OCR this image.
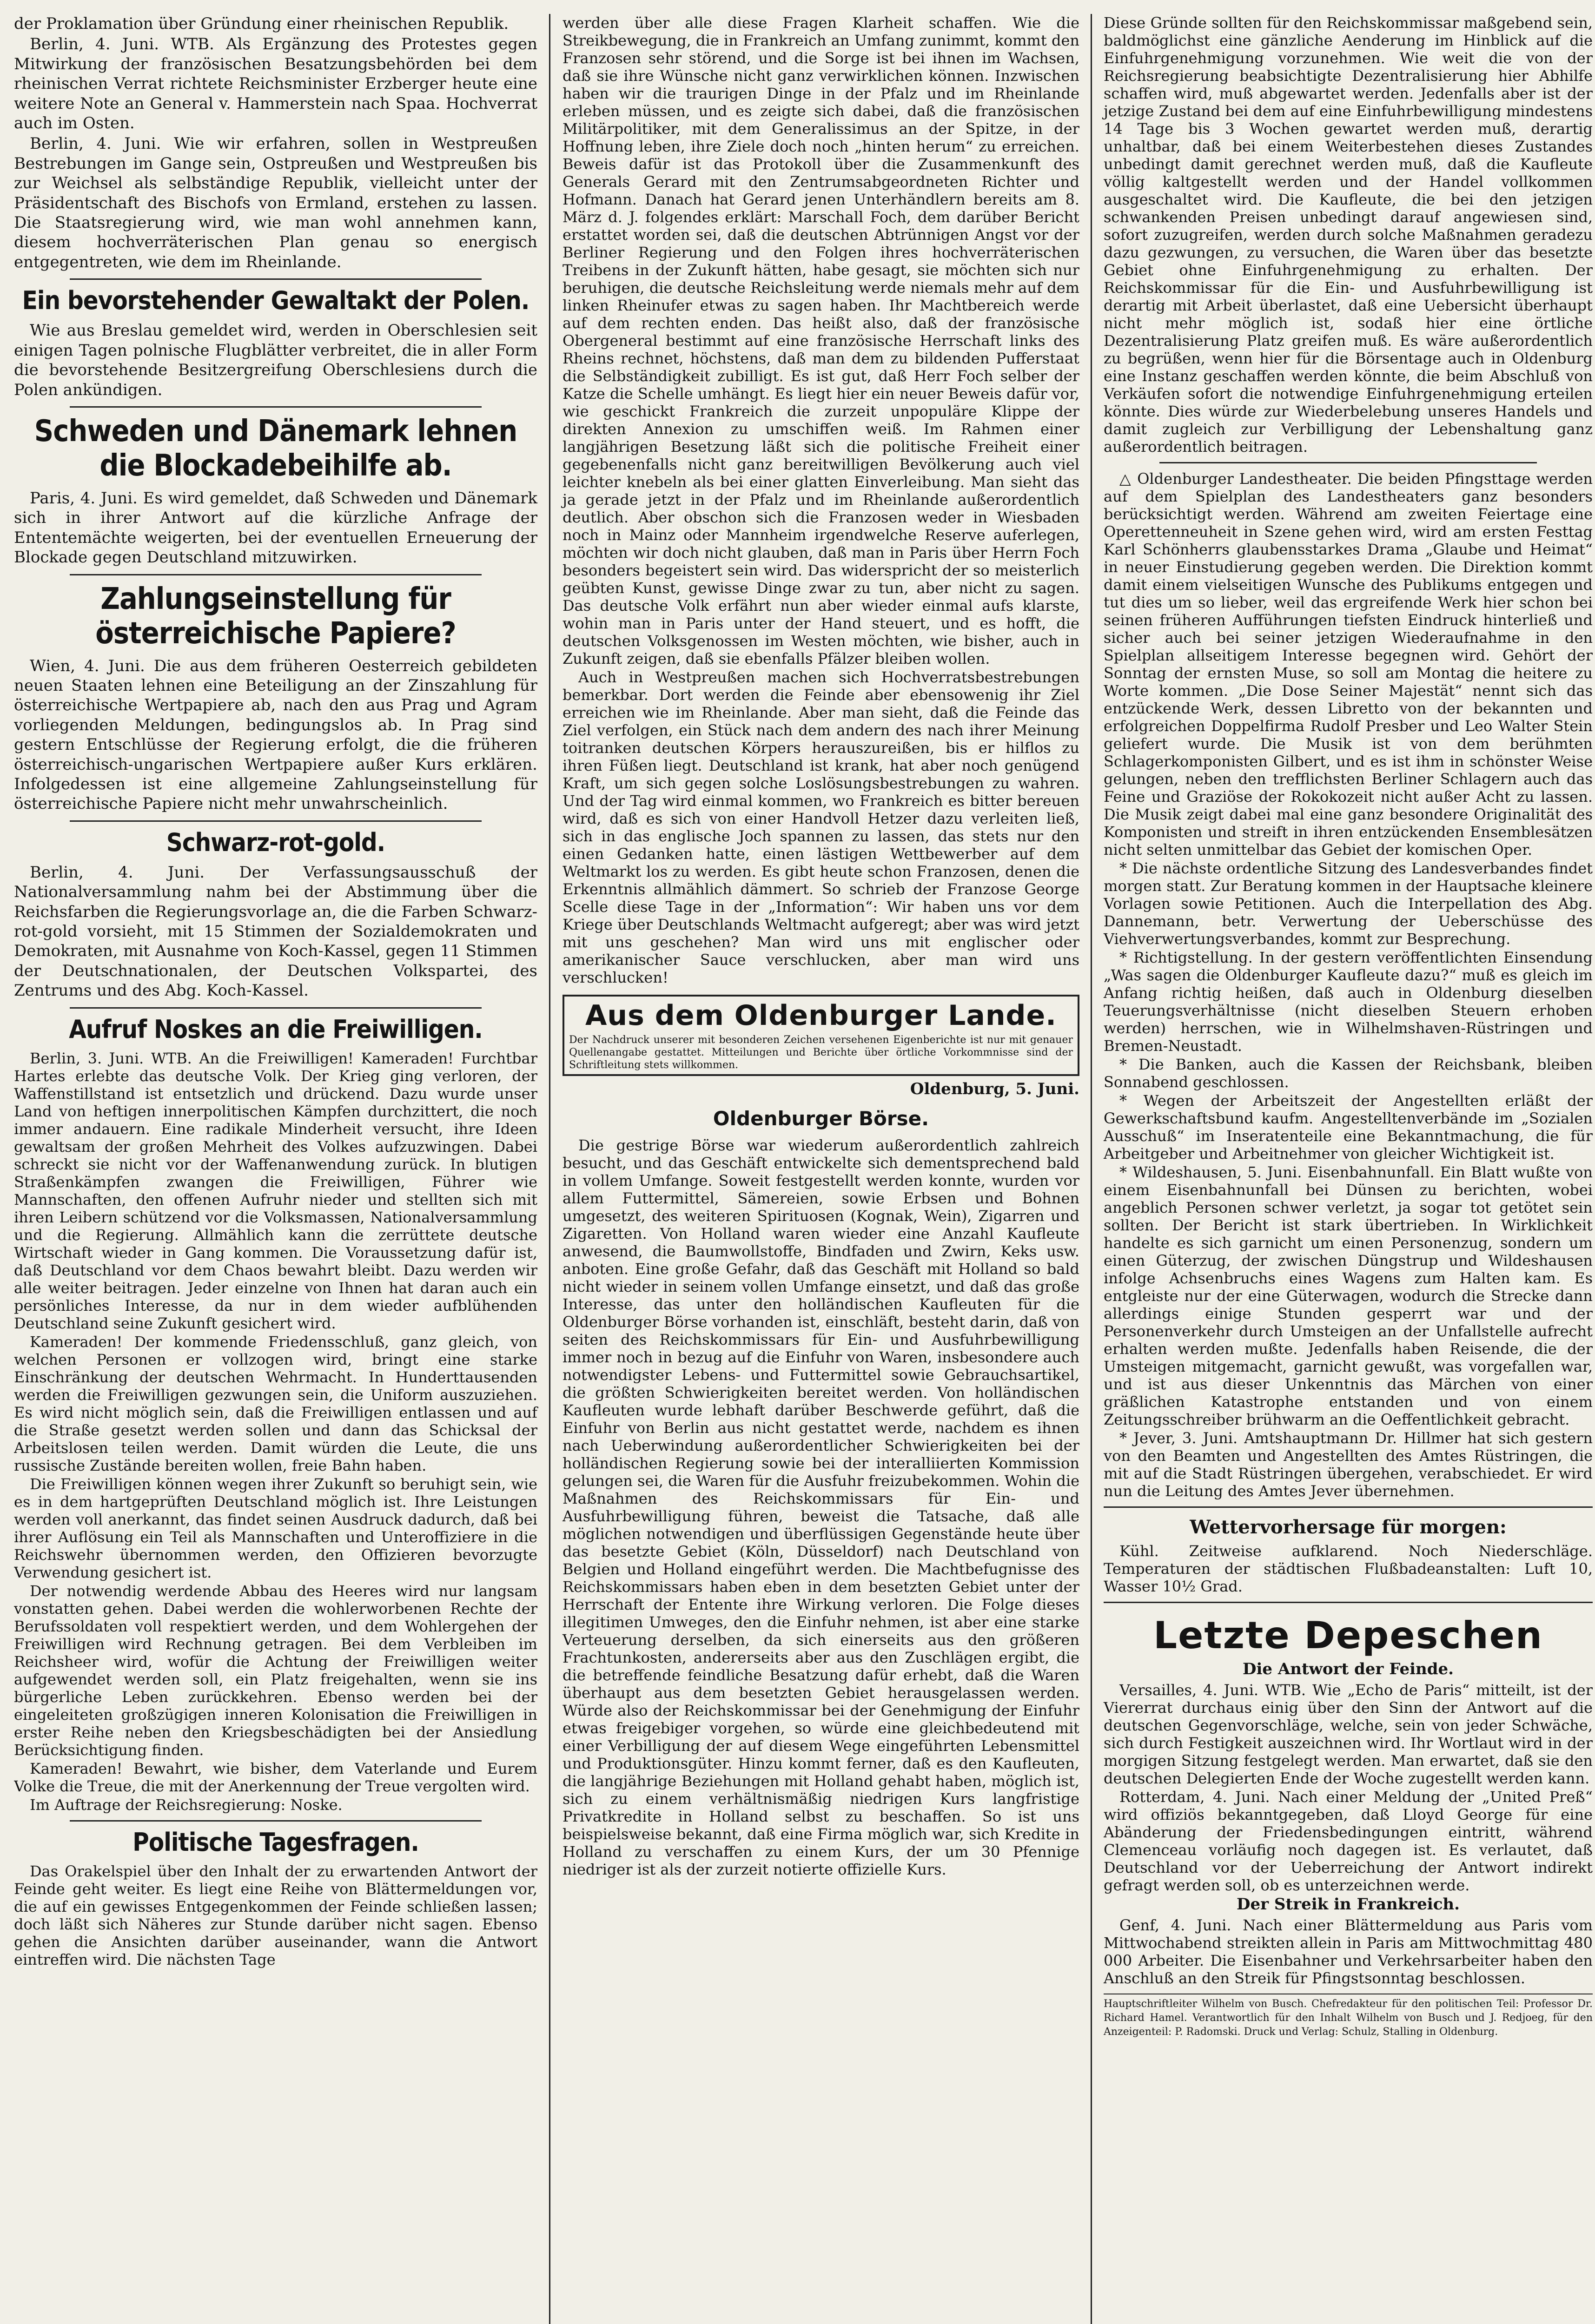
der Proklamation über Gründung einer rheinischen Republik.

Berlin, 4. Juni. WTB. Als Ergänzung des Protestes gegen Mitwirkung der französischen Besatzungsbehörden bei dem rheinischen Verrat richtete Reichsminister Erzberger heute eine weitere Note an General v. Hammerstein nach Spaa. Hochverrat auch im Osten.

Berlin, 4. Juni. Wie wir erfahren, sollen in Westpreußen Bestrebungen im Gange sein, Ostpreußen und Westpreußen bis zur Weichsel als selbständige Republik, vielleicht unter der Präsidentschaft des Bischofs von Ermland, erstehen zu lassen. Die Staatsregierung wird, wie man wohl annehmen kann, diesem hochverräterischen Plan genau so energisch entgegentreten, wie dem im Rheinlande.

Ein bevorstehender Gewaltakt der Polen.

Wie aus Breslau gemeldet wird, werden in Oberschlesien seit einigen Tagen polnische Flugblätter verbreitet, die in aller Form die bevorstehende Besitzergreifung Oberschlesiens durch die Polen ankündigen.

Schweden und Dänemark lehnen die Blockadebeihilfe ab.

Paris, 4. Juni. Es wird gemeldet, daß Schweden und Dänemark sich in ihrer Antwort auf die kürzliche Anfrage der Ententemächte weigerten, bei der eventuellen Erneuerung der Blockade gegen Deutschland mitzuwirken.

Zahlungseinstellung für österreichische Papiere?

Wien, 4. Juni. Die aus dem früheren Oesterreich gebildeten neuen Staaten lehnen eine Beteiligung an der Zinszahlung für österreichische Wertpapiere ab, nach den aus Prag und Agram vorliegenden Meldungen, bedingungslos ab. In Prag sind gestern Entschlüsse der Regierung erfolgt, die die früheren österreichisch-ungarischen Wertpapiere außer Kurs erklären. Infolgedessen ist eine allgemeine Zahlungseinstellung für österreichische Papiere nicht mehr unwahrscheinlich.

Schwarz-rot-gold.

Berlin, 4. Juni. Der Verfassungsausschuß der Nationalversammlung nahm bei der Abstimmung über die Reichsfarben die Regierungsvorlage an, die die Farben Schwarz-rot-gold vorsieht, mit 15 Stimmen der Sozialdemokraten und Demokraten, mit Ausnahme von Koch-Kassel, gegen 11 Stimmen der Deutschnationalen, der Deutschen Volkspartei, des Zentrums und des Abg. Koch-Kassel.

Aufruf Noskes an die Freiwilligen.

Berlin, 3. Juni. WTB. An die Freiwilligen! Kameraden! Furchtbar Hartes erlebte das deutsche Volk. Der Krieg ging verloren, der Waffenstillstand ist entsetzlich und drückend. Dazu wurde unser Land von heftigen innerpolitischen Kämpfen durchzittert, die noch immer andauern. Eine radikale Minderheit versucht, ihre Ideen gewaltsam der großen Mehrheit des Volkes aufzuzwingen. Dabei schreckt sie nicht vor der Waffenanwendung zurück. In blutigen Straßenkämpfen zwangen die Freiwilligen, Führer wie Mannschaften, den offenen Aufruhr nieder und stellten sich mit ihren Leibern schützend vor die Volksmassen, Nationalversammlung und die Regierung. Allmählich kann die zerrüttete deutsche Wirtschaft wieder in Gang kommen. Die Voraussetzung dafür ist, daß Deutschland vor dem Chaos bewahrt bleibt. Dazu werden wir alle weiter beitragen. Jeder einzelne von Ihnen hat daran auch ein persönliches Interesse, da nur in dem wieder aufblühenden Deutschland seine Zukunft gesichert wird.

Kameraden! Der kommende Friedensschluß, ganz gleich, von welchen Personen er vollzogen wird, bringt eine starke Einschränkung der deutschen Wehrmacht. In Hunderttausenden werden die Freiwilligen gezwungen sein, die Uniform auszuziehen. Es wird nicht möglich sein, daß die Freiwilligen entlassen und auf die Straße gesetzt werden sollen und dann das Schicksal der Arbeitslosen teilen werden. Damit würden die Leute, die uns russische Zustände bereiten wollen, freie Bahn haben.

Die Freiwilligen können wegen ihrer Zukunft so beruhigt sein, wie es in dem hartgeprüften Deutschland möglich ist. Ihre Leistungen werden voll anerkannt, das findet seinen Ausdruck dadurch, daß bei ihrer Auflösung ein Teil als Mannschaften und Unteroffiziere in die Reichswehr übernommen werden, den Offizieren bevorzugte Verwendung gesichert ist.

Der notwendig werdende Abbau des Heeres wird nur langsam vonstatten gehen. Dabei werden die wohlerworbenen Rechte der Berufssoldaten voll respektiert werden, und dem Wohlergehen der Freiwilligen wird Rechnung getragen. Bei dem Verbleiben im Reichsheer wird, wofür die Achtung der Freiwilligen weiter aufgewendet werden soll, ein Platz freigehalten, wenn sie ins bürgerliche Leben zurückkehren. Ebenso werden bei der eingeleiteten großzügigen inneren Kolonisation die Freiwilligen in erster Reihe neben den Kriegsbeschädigten bei der Ansiedlung Berücksichtigung finden.

Kameraden! Bewahrt, wie bisher, dem Vaterlande und Eurem Volke die Treue, die mit der Anerkennung der Treue vergolten wird.

Im Auftrage der Reichsregierung: Noske.

Politische Tagesfragen.

Das Orakelspiel über den Inhalt der zu erwartenden Antwort der Feinde geht weiter. Es liegt eine Reihe von Blättermeldungen vor, die auf ein gewisses Entgegenkommen der Feinde schließen lassen; doch läßt sich Näheres zur Stunde darüber nicht sagen. Ebenso gehen die Ansichten darüber auseinander, wann die Antwort eintreffen wird. Die nächsten Tage

werden über alle diese Fragen Klarheit schaffen. Wie die Streikbewegung, die in Frankreich an Umfang zunimmt, kommt den Franzosen sehr störend, und die Sorge ist bei ihnen im Wachsen, daß sie ihre Wünsche nicht ganz verwirklichen können. Inzwischen haben wir die traurigen Dinge in der Pfalz und im Rheinlande erleben müssen, und es zeigte sich dabei, daß die französischen Militärpolitiker, mit dem Generalissimus an der Spitze, in der Hoffnung leben, ihre Ziele doch noch „hinten herum“ zu erreichen. Beweis dafür ist das Protokoll über die Zusammenkunft des Generals Gerard mit den Zentrumsabgeordneten Richter und Hofmann. Danach hat Gerard jenen Unterhändlern bereits am 8. März d. J. folgendes erklärt: Marschall Foch, dem darüber Bericht erstattet worden sei, daß die deutschen Abtrünnigen Angst vor der Berliner Regierung und den Folgen ihres hochverräterischen Treibens in der Zukunft hätten, habe gesagt, sie möchten sich nur beruhigen, die deutsche Reichsleitung werde niemals mehr auf dem linken Rheinufer etwas zu sagen haben. Ihr Machtbereich werde auf dem rechten enden. Das heißt also, daß der französische Obergeneral bestimmt auf eine französische Herrschaft links des Rheins rechnet, höchstens, daß man dem zu bildenden Pufferstaat die Selbständigkeit zubilligt. Es ist gut, daß Herr Foch selber der Katze die Schelle umhängt. Es liegt hier ein neuer Beweis dafür vor, wie geschickt Frankreich die zurzeit unpopuläre Klippe der direkten Annexion zu umschiffen weiß. Im Rahmen einer langjährigen Besetzung läßt sich die politische Freiheit einer gegebenenfalls nicht ganz bereitwilligen Bevölkerung auch viel leichter knebeln als bei einer glatten Einverleibung. Man sieht das ja gerade jetzt in der Pfalz und im Rheinlande außerordentlich deutlich. Aber obschon sich die Franzosen weder in Wiesbaden noch in Mainz oder Mannheim irgendwelche Reserve auferlegen, möchten wir doch nicht glauben, daß man in Paris über Herrn Foch besonders begeistert sein wird. Das widerspricht der so meisterlich geübten Kunst, gewisse Dinge zwar zu tun, aber nicht zu sagen. Das deutsche Volk erfährt nun aber wieder einmal aufs klarste, wohin man in Paris unter der Hand steuert, und es hofft, die deutschen Volksgenossen im Westen möchten, wie bisher, auch in Zukunft zeigen, daß sie ebenfalls Pfälzer bleiben wollen.

Auch in Westpreußen machen sich Hochverratsbestrebungen bemerkbar. Dort werden die Feinde aber ebensowenig ihr Ziel erreichen wie im Rheinlande. Aber man sieht, daß die Feinde das Ziel verfolgen, ein Stück nach dem andern des nach ihrer Meinung toitranken deutschen Körpers herauszureißen, bis er hilflos zu ihren Füßen liegt. Deutschland ist krank, hat aber noch genügend Kraft, um sich gegen solche Loslösungsbestrebungen zu wahren. Und der Tag wird einmal kommen, wo Frankreich es bitter bereuen wird, daß es sich von einer Handvoll Hetzer dazu verleiten ließ, sich in das englische Joch spannen zu lassen, das stets nur den einen Gedanken hatte, einen lästigen Wettbewerber auf dem Weltmarkt los zu werden. Es gibt heute schon Franzosen, denen die Erkenntnis allmählich dämmert. So schrieb der Franzose George Scelle diese Tage in der „Information“: Wir haben uns vor dem Kriege über Deutschlands Weltmacht aufgeregt; aber was wird jetzt mit uns geschehen? Man wird uns mit englischer oder amerikanischer Sauce verschlucken, aber man wird uns verschlucken!

Aus dem Oldenburger Lande.

Der Nachdruck unserer mit besonderen Zeichen versehenen Eigenberichte ist nur mit genauer Quellenangabe gestattet. Mitteilungen und Berichte über örtliche Vorkommnisse sind der Schriftleitung stets willkommen.

Oldenburg, 5. Juni.
Oldenburger Börse.

Die gestrige Börse war wiederum außerordentlich zahlreich besucht, und das Geschäft entwickelte sich dementsprechend bald in vollem Umfange. Soweit festgestellt werden konnte, wurden vor allem Futtermittel, Sämereien, sowie Erbsen und Bohnen umgesetzt, des weiteren Spirituosen (Kognak, Wein), Zigarren und Zigaretten. Von Holland waren wieder eine Anzahl Kaufleute anwesend, die Baumwollstoffe, Bindfaden und Zwirn, Keks usw. anboten. Eine große Gefahr, daß das Geschäft mit Holland so bald nicht wieder in seinem vollen Umfange einsetzt, und daß das große Interesse, das unter den holländischen Kaufleuten für die Oldenburger Börse vorhanden ist, einschläft, besteht darin, daß von seiten des Reichskommissars für Ein- und Ausfuhrbewilligung immer noch in bezug auf die Einfuhr von Waren, insbesondere auch notwendigster Lebens- und Futtermittel sowie Gebrauchsartikel, die größten Schwierigkeiten bereitet werden. Von holländischen Kaufleuten wurde lebhaft darüber Beschwerde geführt, daß die Einfuhr von Berlin aus nicht gestattet werde, nachdem es ihnen nach Ueberwindung außerordentlicher Schwierigkeiten bei der holländischen Regierung sowie bei der interalliierten Kommission gelungen sei, die Waren für die Ausfuhr freizubekommen. Wohin die Maßnahmen des Reichskommissars für Ein- und Ausfuhrbewilligung führen, beweist die Tatsache, daß alle möglichen notwendigen und überflüssigen Gegenstände heute über das besetzte Gebiet (Köln, Düsseldorf) nach Deutschland von Belgien und Holland eingeführt werden. Die Machtbefugnisse des Reichskommissars haben eben in dem besetzten Gebiet unter der Herrschaft der Entente ihre Wirkung verloren. Die Folge dieses illegitimen Umweges, den die Einfuhr nehmen, ist aber eine starke Verteuerung derselben, da sich einerseits aus den größeren Frachtunkosten, andererseits aber aus den Zuschlägen ergibt, die die betreffende feindliche Besatzung dafür erhebt, daß die Waren überhaupt aus dem besetzten Gebiet herausgelassen werden. Würde also der Reichskommissar bei der Genehmigung der Einfuhr etwas freigebiger vorgehen, so würde eine gleichbedeutend mit einer Verbilligung der auf diesem Wege eingeführten Lebensmittel und Produktionsgüter. Hinzu kommt ferner, daß es den Kaufleuten, die langjährige Beziehungen mit Holland gehabt haben, möglich ist, sich zu einem verhältnismäßig niedrigen Kurs langfristige Privatkredite in Holland selbst zu beschaffen. So ist uns beispielsweise bekannt, daß eine Firma möglich war, sich Kredite in Holland zu verschaffen zu einem Kurs, der um 30 Pfennige niedriger ist als der zurzeit notierte offizielle Kurs.

Diese Gründe sollten für den Reichskommissar maßgebend sein, baldmöglichst eine gänzliche Aenderung im Hinblick auf die Einfuhrgenehmigung vorzunehmen. Wie weit die von der Reichsregierung beabsichtigte Dezentralisierung hier Abhilfe schaffen wird, muß abgewartet werden. Jedenfalls aber ist der jetzige Zustand bei dem auf eine Einfuhrbewilligung mindestens 14 Tage bis 3 Wochen gewartet werden muß, derartig unhaltbar, daß bei einem Weiterbestehen dieses Zustandes unbedingt damit gerechnet werden muß, daß die Kaufleute völlig kaltgestellt werden und der Handel vollkommen ausgeschaltet wird. Die Kaufleute, die bei den jetzigen schwankenden Preisen unbedingt darauf angewiesen sind, sofort zuzugreifen, werden durch solche Maßnahmen geradezu dazu gezwungen, zu versuchen, die Waren über das besetzte Gebiet ohne Einfuhrgenehmigung zu erhalten. Der Reichskommissar für die Ein- und Ausfuhrbewilligung ist derartig mit Arbeit überlastet, daß eine Uebersicht überhaupt nicht mehr möglich ist, sodaß hier eine örtliche Dezentralisierung Platz greifen muß. Es wäre außerordentlich zu begrüßen, wenn hier für die Börsentage auch in Oldenburg eine Instanz geschaffen werden könnte, die beim Abschluß von Verkäufen sofort die notwendige Einfuhrgenehmigung erteilen könnte. Dies würde zur Wiederbelebung unseres Handels und damit zugleich zur Verbilligung der Lebenshaltung ganz außerordentlich beitragen.

△ Oldenburger Landestheater. Die beiden Pfingsttage werden auf dem Spielplan des Landestheaters ganz besonders berücksichtigt werden. Während am zweiten Feiertage eine Operettenneuheit in Szene gehen wird, wird am ersten Festtag Karl Schönherrs glaubensstarkes Drama „Glaube und Heimat“ in neuer Einstudierung gegeben werden. Die Direktion kommt damit einem vielseitigen Wunsche des Publikums entgegen und tut dies um so lieber, weil das ergreifende Werk hier schon bei seinen früheren Aufführungen tiefsten Eindruck hinterließ und sicher auch bei seiner jetzigen Wiederaufnahme in den Spielplan allseitigem Interesse begegnen wird. Gehört der Sonntag der ernsten Muse, so soll am Montag die heitere zu Worte kommen. „Die Dose Seiner Majestät“ nennt sich das entzückende Werk, dessen Libretto von der bekannten und erfolgreichen Doppelfirma Rudolf Presber und Leo Walter Stein geliefert wurde. Die Musik ist von dem berühmten Schlagerkomponisten Gilbert, und es ist ihm in schönster Weise gelungen, neben den trefflichsten Berliner Schlagern auch das Feine und Graziöse der Rokokozeit nicht außer Acht zu lassen. Die Musik zeigt dabei mal eine ganz besondere Originalität des Komponisten und streift in ihren entzückenden Ensemblesätzen nicht selten unmittelbar das Gebiet der komischen Oper.

* Die nächste ordentliche Sitzung des Landesverbandes findet morgen statt. Zur Beratung kommen in der Hauptsache kleinere Vorlagen sowie Petitionen. Auch die Interpellation des Abg. Dannemann, betr. Verwertung der Ueberschüsse des Viehverwertungsverbandes, kommt zur Besprechung.

* Richtigstellung. In der gestern veröffentlichten Einsendung „Was sagen die Oldenburger Kaufleute dazu?“ muß es gleich im Anfang richtig heißen, daß auch in Oldenburg dieselben Teuerungsverhältnisse (nicht dieselben Steuern erhoben werden) herrschen, wie in Wilhelmshaven-Rüstringen und Bremen-Neustadt.

* Die Banken, auch die Kassen der Reichsbank, bleiben Sonnabend geschlossen.

* Wegen der Arbeitszeit der Angestellten erläßt der Gewerkschaftsbund kaufm. Angestelltenverbände im „Sozialen Ausschuß“ im Inseratenteile eine Bekanntmachung, die für Arbeitgeber und Arbeitnehmer von gleicher Wichtigkeit ist.

* Wildeshausen, 5. Juni. Eisenbahnunfall. Ein Blatt wußte von einem Eisenbahnunfall bei Dünsen zu berichten, wobei angeblich Personen schwer verletzt, ja sogar tot getötet sein sollten. Der Bericht ist stark übertrieben. In Wirklichkeit handelte es sich garnicht um einen Personenzug, sondern um einen Güterzug, der zwischen Düngstrup und Wildeshausen infolge Achsenbruchs eines Wagens zum Halten kam. Es entgleiste nur der eine Güterwagen, wodurch die Strecke dann allerdings einige Stunden gesperrt war und der Personenverkehr durch Umsteigen an der Unfallstelle aufrecht erhalten werden mußte. Jedenfalls haben Reisende, die der Umsteigen mitgemacht, garnicht gewußt, was vorgefallen war, und ist aus dieser Unkenntnis das Märchen von einer gräßlichen Katastrophe entstanden und von einem Zeitungsschreiber brühwarm an die Oeffentlichkeit gebracht.

* Jever, 3. Juni. Amtshauptmann Dr. Hillmer hat sich gestern von den Beamten und Angestellten des Amtes Rüstringen, die mit auf die Stadt Rüstringen übergehen, verabschiedet. Er wird nun die Leitung des Amtes Jever übernehmen.

Wettervorhersage für morgen:

Kühl. Zeitweise aufklarend. Noch Niederschläge. Temperaturen der städtischen Flußbadeanstalten: Luft 10, Wasser 10½ Grad.

Letzte Depeschen
Die Antwort der Feinde.

Versailles, 4. Juni. WTB. Wie „Echo de Paris“ mitteilt, ist der Viererrat durchaus einig über den Sinn der Antwort auf die deutschen Gegenvorschläge, welche, sein von jeder Schwäche, sich durch Festigkeit auszeichnen wird. Ihr Wortlaut wird in der morgigen Sitzung festgelegt werden. Man erwartet, daß sie den deutschen Delegierten Ende der Woche zugestellt werden kann.

Rotterdam, 4. Juni. Nach einer Meldung der „United Preß“ wird offiziös bekanntgegeben, daß Lloyd George für eine Abänderung der Friedensbedingungen eintritt, während Clemenceau vorläufig noch dagegen ist. Es verlautet, daß Deutschland vor der Ueberreichung der Antwort indirekt gefragt werden soll, ob es unterzeichnen werde.

Der Streik in Frankreich.

Genf, 4. Juni. Nach einer Blättermeldung aus Paris vom Mittwochabend streikten allein in Paris am Mittwochmittag 480 000 Arbeiter. Die Eisenbahner und Verkehrsarbeiter haben den Anschluß an den Streik für Pfingstsonntag beschlossen.

Hauptschriftleiter Wilhelm von Busch. Chefredakteur für den politischen Teil: Professor Dr. Richard Hamel. Verantwortlich für den Inhalt Wilhelm von Busch und J. Redjoeg, für den Anzeigenteil: P. Radomski. Druck und Verlag: Schulz, Stalling in Oldenburg.
